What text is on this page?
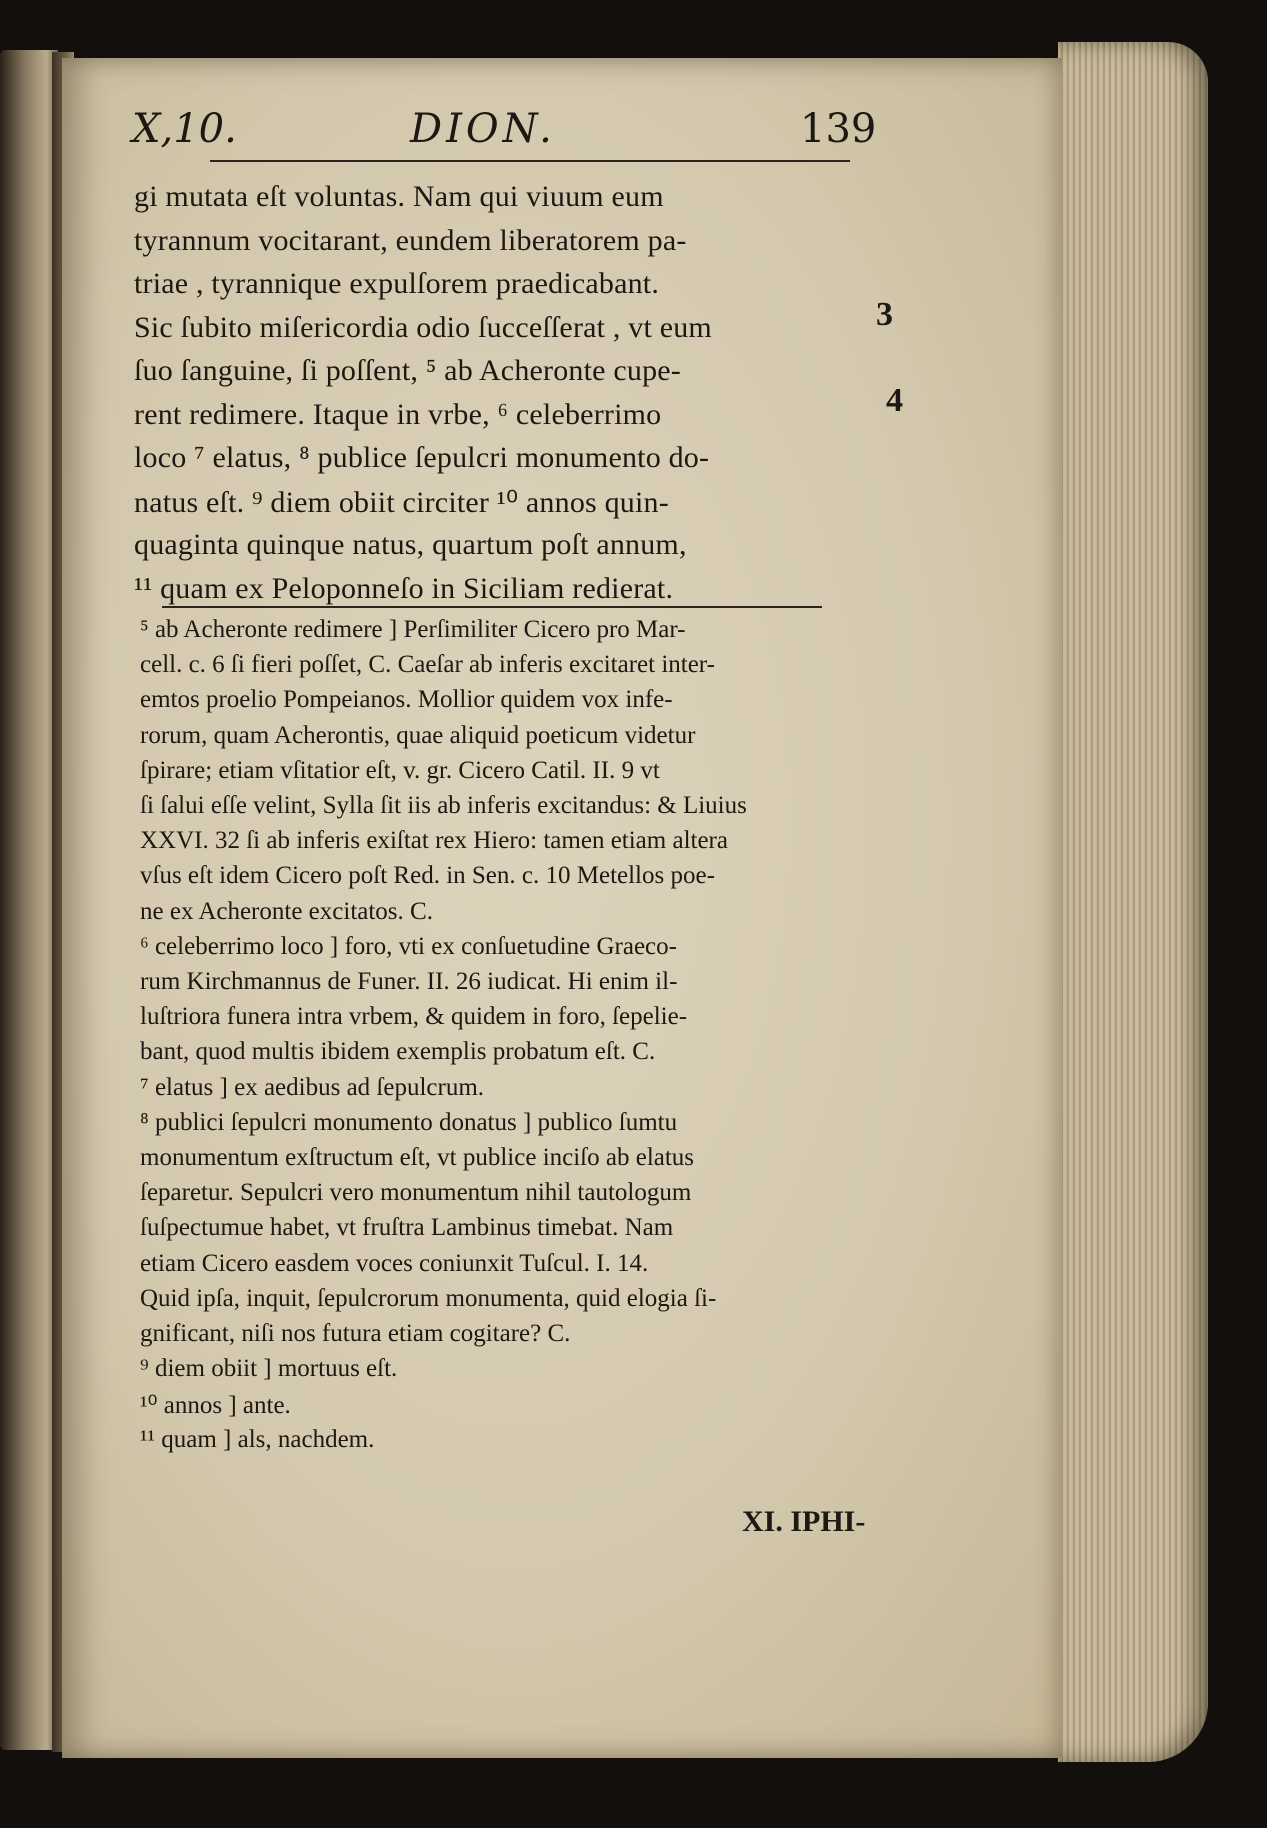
X,10.	DION.	139
gi mutata eſt voluntas. Nam qui viuum eum
tyrannum vocitarant, eundem liberatorem pa-
triae , tyrannique expulſorem praedicabant.
Sic ſubito miſericordia odio ſucceſſerat , vt eum
ſuo ſanguine, ſi poſſent, ⁵ ab Acheronte cupe-
rent redimere. Itaque in vrbe, ⁶ celeberrimo
loco ⁷ elatus, ⁸ publice ſepulcri monumento do-
natus eſt. ⁹ diem obiit circiter ¹⁰ annos quin-
quaginta quinque natus, quartum poſt annum,
¹¹ quam ex Peloponneſo in Siciliam redierat.
3
4
⁵ ab Acheronte redimere ] Perſimiliter Cicero pro Mar-
cell. c. 6 ſi fieri poſſet, C. Caeſar ab inferis excitaret inter-
emtos proelio Pompeianos. Mollior quidem vox infe-
rorum, quam Acherontis, quae aliquid poeticum videtur
ſpirare; etiam vſitatior eſt, v. gr. Cicero Catil. II. 9 vt
ſi ſalui eſſe velint, Sylla ſit iis ab inferis excitandus: & Liuius
XXVI. 32 ſi ab inferis exiſtat rex Hiero: tamen etiam altera
vſus eſt idem Cicero poſt Red. in Sen. c. 10 Metellos poe-
ne ex Acheronte excitatos. C.
⁶ celeberrimo loco ] foro, vti ex conſuetudine Graeco-
rum Kirchmannus de Funer. II. 26 iudicat. Hi enim il-
luſtriora funera intra vrbem, & quidem in foro, ſepelie-
bant, quod multis ibidem exemplis probatum eſt. C.
⁷ elatus ] ex aedibus ad ſepulcrum.
⁸ publici ſepulcri monumento donatus ] publico ſumtu
monumentum exſtructum eſt, vt publice inciſo ab elatus
ſeparetur. Sepulcri vero monumentum nihil tautologum
ſuſpectumue habet, vt fruſtra Lambinus timebat. Nam
etiam Cicero easdem voces coniunxit Tuſcul. I. 14.
Quid ipſa, inquit, ſepulcrorum monumenta, quid elogia ſi-
gnificant, niſi nos futura etiam cogitare? C.
⁹ diem obiit ] mortuus eſt.
¹⁰ annos ] ante.
¹¹ quam ] als, nachdem.
XI. IPHI-
